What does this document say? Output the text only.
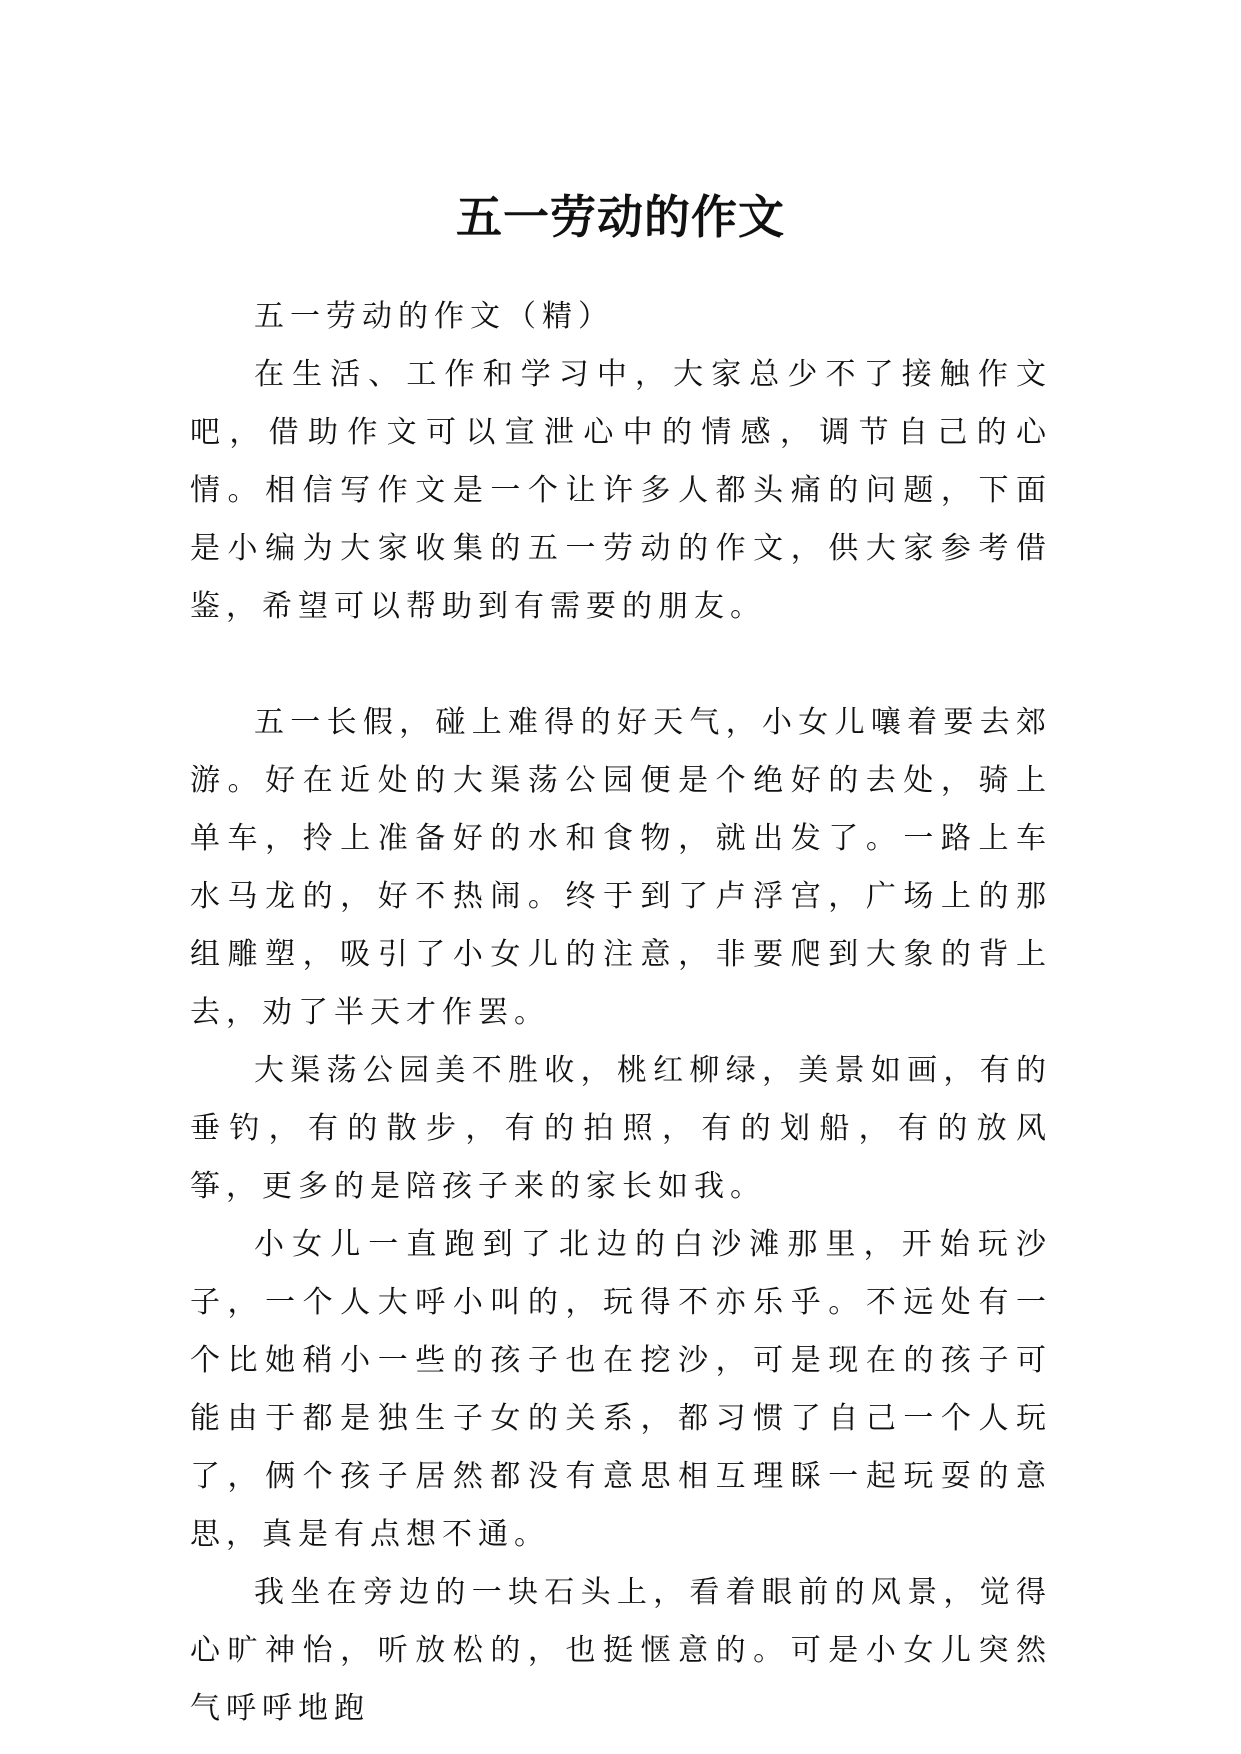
五一劳动的作文

五一劳动的作文（精）

在生活、工作和学习中，大家总少不了接触作文吧，借助作文可以宣泄心中的情感，调节自己的心情。相信写作文是一个让许多人都头痛的问题，下面是小编为大家收集的五一劳动的作文，供大家参考借鉴，希望可以帮助到有需要的朋友。

五一长假，碰上难得的好天气，小女儿嚷着要去郊游。好在近处的大渠荡公园便是个绝好的去处，骑上单车，拎上准备好的水和食物，就出发了。一路上车水马龙的，好不热闹。终于到了卢浮宫，广场上的那组雕塑，吸引了小女儿的注意，非要爬到大象的背上去，劝了半天才作罢。

大渠荡公园美不胜收，桃红柳绿，美景如画，有的垂钓，有的散步，有的拍照，有的划船，有的放风筝，更多的是陪孩子来的家长如我。

小女儿一直跑到了北边的白沙滩那里，开始玩沙子，一个人大呼小叫的，玩得不亦乐乎。不远处有一个比她稍小一些的孩子也在挖沙，可是现在的孩子可能由于都是独生子女的关系，都习惯了自己一个人玩了，俩个孩子居然都没有意思相互理睬一起玩耍的意思，真是有点想不通。

我坐在旁边的一块石头上，看着眼前的风景，觉得心旷神怡，听放松的，也挺惬意的。可是小女儿突然气呼呼地跑
